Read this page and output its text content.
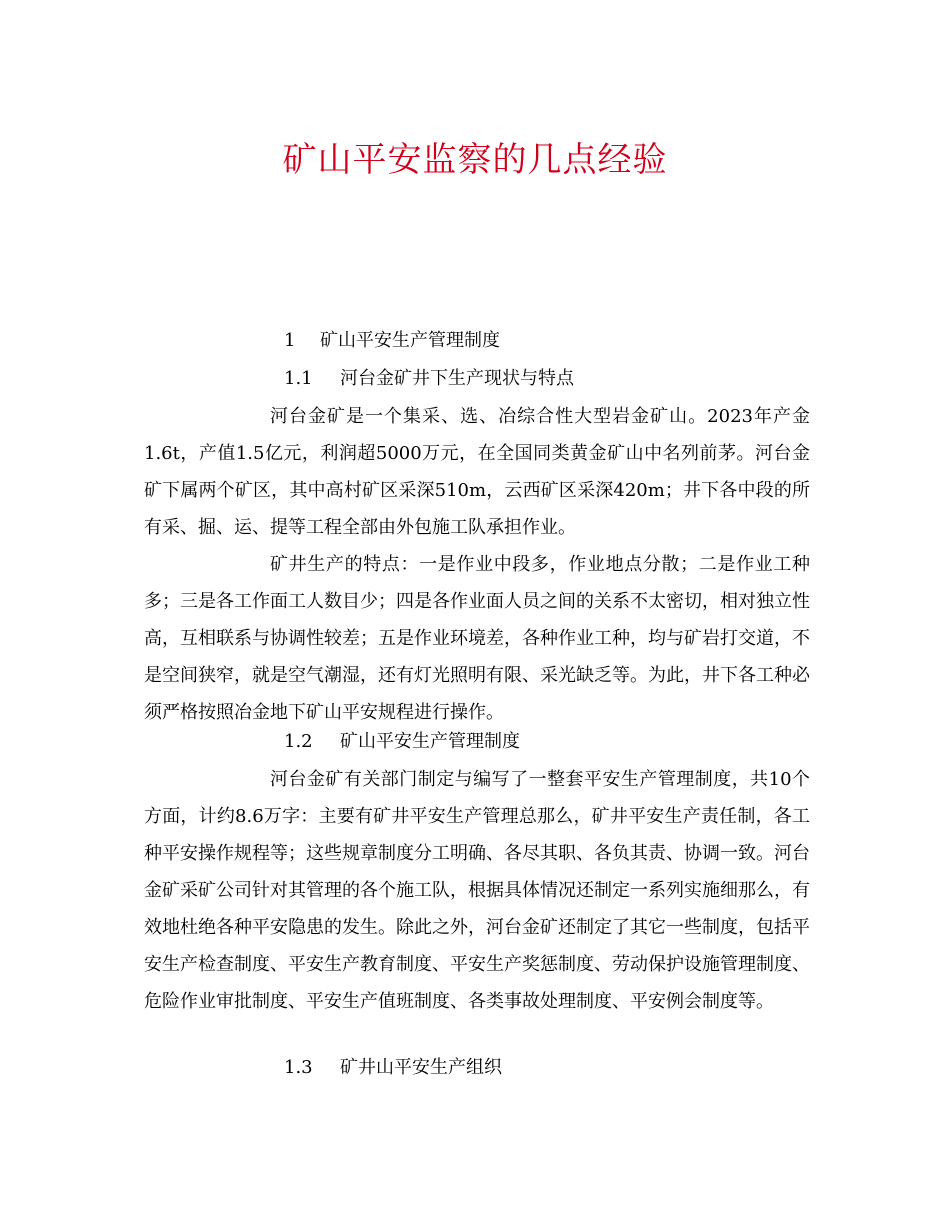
矿山平安监察的几点经验
1 矿山平安生产管理制度
1.1 河台金矿井下生产现状与特点

河台金矿是一个集采、选、冶综合性大型岩金矿山。2023年产金1.6t，产值1.5亿元，利润超5000万元，在全国同类黄金矿山中名列前茅。河台金矿下属两个矿区，其中高村矿区采深510m，云西矿区采深420m；井下各中段的所有采、掘、运、提等工程全部由外包施工队承担作业。

矿井生产的特点：一是作业中段多，作业地点分散；二是作业工种多；三是各工作面工人数目少；四是各作业面人员之间的关系不太密切，相对独立性高，互相联系与协调性较差；五是作业环境差，各种作业工种，均与矿岩打交道，不是空间狭窄，就是空气潮湿，还有灯光照明有限、采光缺乏等。为此，井下各工种必须严格按照冶金地下矿山平安规程进行操作。

1.2 矿山平安生产管理制度

河台金矿有关部门制定与编写了一整套平安生产管理制度，共10个方面，计约8.6万字：主要有矿井平安生产管理总那么，矿井平安生产责任制，各工种平安操作规程等；这些规章制度分工明确、各尽其职、各负其责、协调一致。河台金矿采矿公司针对其管理的各个施工队，根据具体情况还制定一系列实施细那么，有效地杜绝各种平安隐患的发生。除此之外，河台金矿还制定了其它一些制度，包括平安生产检查制度、平安生产教育制度、平安生产奖惩制度、劳动保护设施管理制度、危险作业审批制度、平安生产值班制度、各类事故处理制度、平安例会制度等。

1.3 矿井山平安生产组织
